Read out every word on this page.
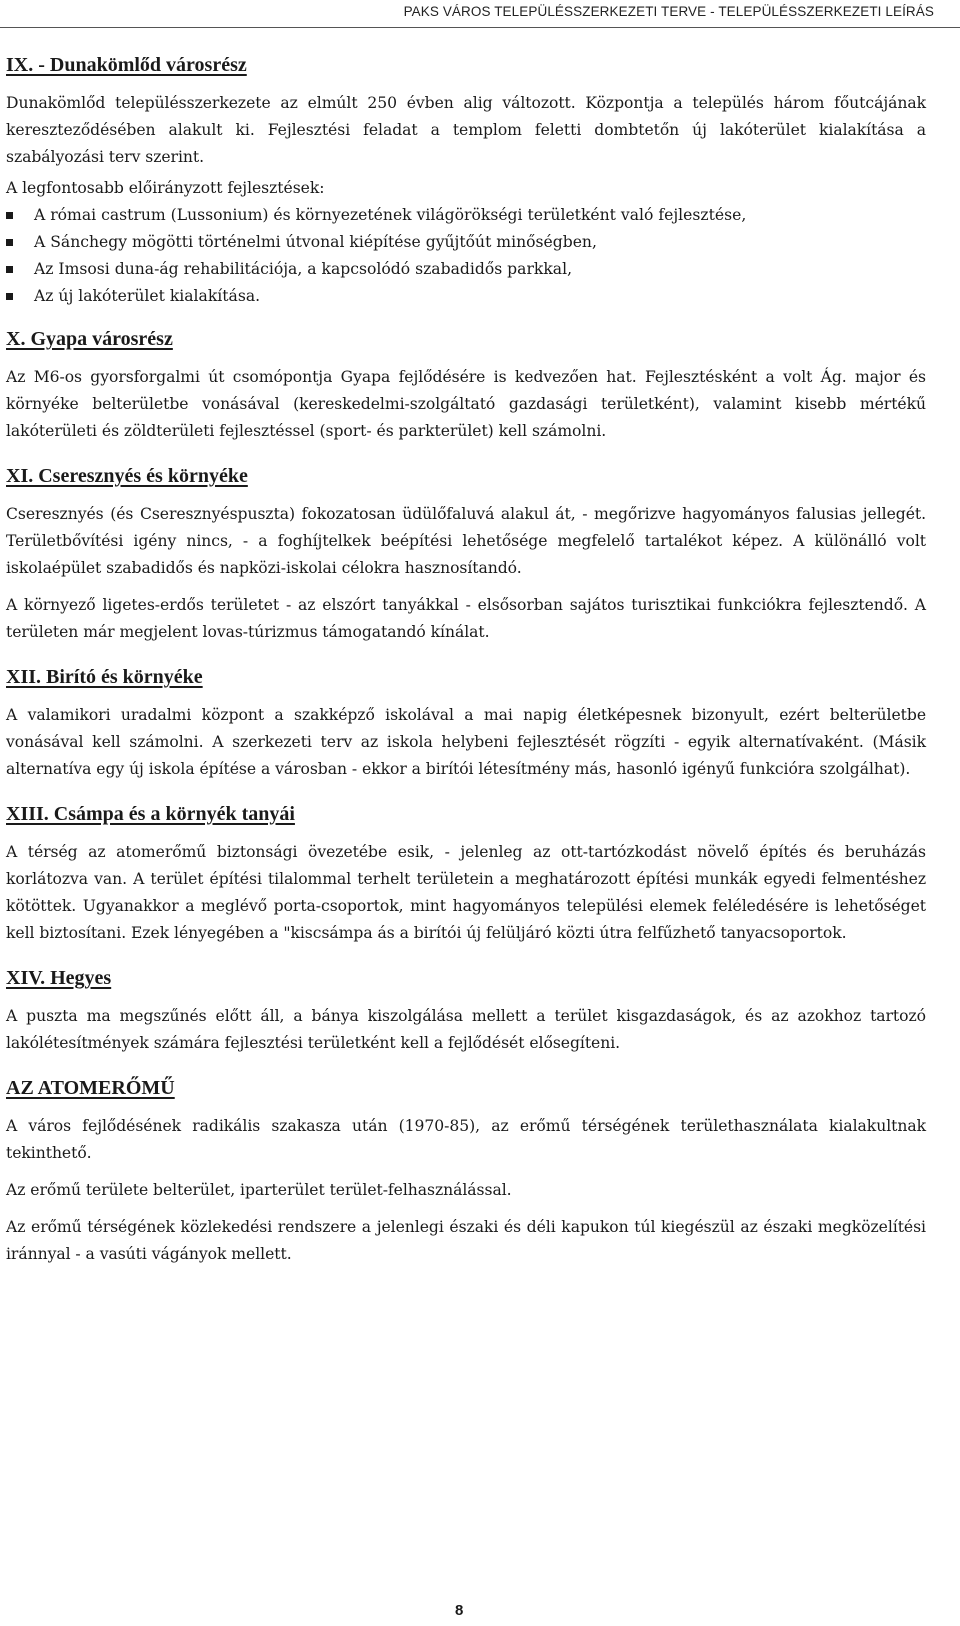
PAKS VÁROS TELEPÜLÉSSZERKEZETI TERVE - TELEPÜLÉSSZERKEZETI LEÍRÁS
IX. - Dunakömlőd városrész

Dunakömlőd településszerkezete az elmúlt 250 évben alig változott. Központja a település három főutcájának kereszteződésében alakult ki. Fejlesztési feladat a templom feletti dombtetőn új lakóterület kialakítása a szabályozási terv szerint.

A legfontosabb előirányzott fejlesztések:

A római castrum (Lussonium) és környezetének világörökségi területként való fejlesztése,
A Sánchegy mögötti történelmi útvonal kiépítése gyűjtőút minőségben,
Az Imsosi duna-ág rehabilitációja, a kapcsolódó szabadidős parkkal,
Az új lakóterület kialakítása.
X. Gyapa városrész

Az M6-os gyorsforgalmi út csomópontja Gyapa fejlődésére is kedvezően hat. Fejlesztésként a volt Ág. major és környéke belterületbe vonásával (kereskedelmi-szolgáltató gazdasági területként), valamint kisebb mértékű lakóterületi és zöldterületi fejlesztéssel (sport- és parkterület) kell számolni.

XI. Cseresznyés és környéke

Cseresznyés (és Cseresznyéspuszta) fokozatosan üdülőfaluvá alakul át, - megőrizve hagyományos falusias jellegét. Területbővítési igény nincs, - a foghíjtelkek beépítési lehetősége megfelelő tartalékot képez. A különálló volt iskolaépület szabadidős és napközi-iskolai célokra hasznosítandó.

A környező ligetes-erdős területet - az elszórt tanyákkal - elsősorban sajátos turisztikai funkciókra fejlesztendő. A területen már megjelent lovas-túrizmus támogatandó kínálat.

XII. Birító és környéke

A valamikori uradalmi központ a szakképző iskolával a mai napig életképesnek bizonyult, ezért belterületbe vonásával kell számolni. A szerkezeti terv az iskola helybeni fejlesztését rögzíti - egyik alternatívaként. (Másik alternatíva egy új iskola építése a városban - ekkor a birítói létesítmény más, hasonló igényű funkcióra szolgálhat).

XIII. Csámpa és a környék tanyái

A térség az atomerőmű biztonsági övezetébe esik, - jelenleg az ott-tartózkodást növelő építés és beruházás korlátozva van. A terület építési tilalommal terhelt területein a meghatározott építési munkák egyedi felmentéshez kötöttek. Ugyanakkor a meglévő porta-csoportok, mint hagyományos települési elemek feléledésére is lehetőséget kell biztosítani. Ezek lényegében a "kiscsámpa ás a birítói új felüljáró közti útra felfűzhető tanyacsoportok.

XIV. Hegyes

A puszta ma megszűnés előtt áll, a bánya kiszolgálása mellett a terület kisgazdaságok, és az azokhoz tartozó lakólétesítmények számára fejlesztési területként kell a fejlődését elősegíteni.

AZ ATOMERŐMŰ

A város fejlődésének radikális szakasza után (1970-85), az erőmű térségének területhasználata kialakultnak tekinthető.

Az erőmű területe belterület, iparterület terület-felhasználással.

Az erőmű térségének közlekedési rendszere a jelenlegi északi és déli kapukon túl kiegészül az északi megközelítési iránnyal - a vasúti vágányok mellett.

8
